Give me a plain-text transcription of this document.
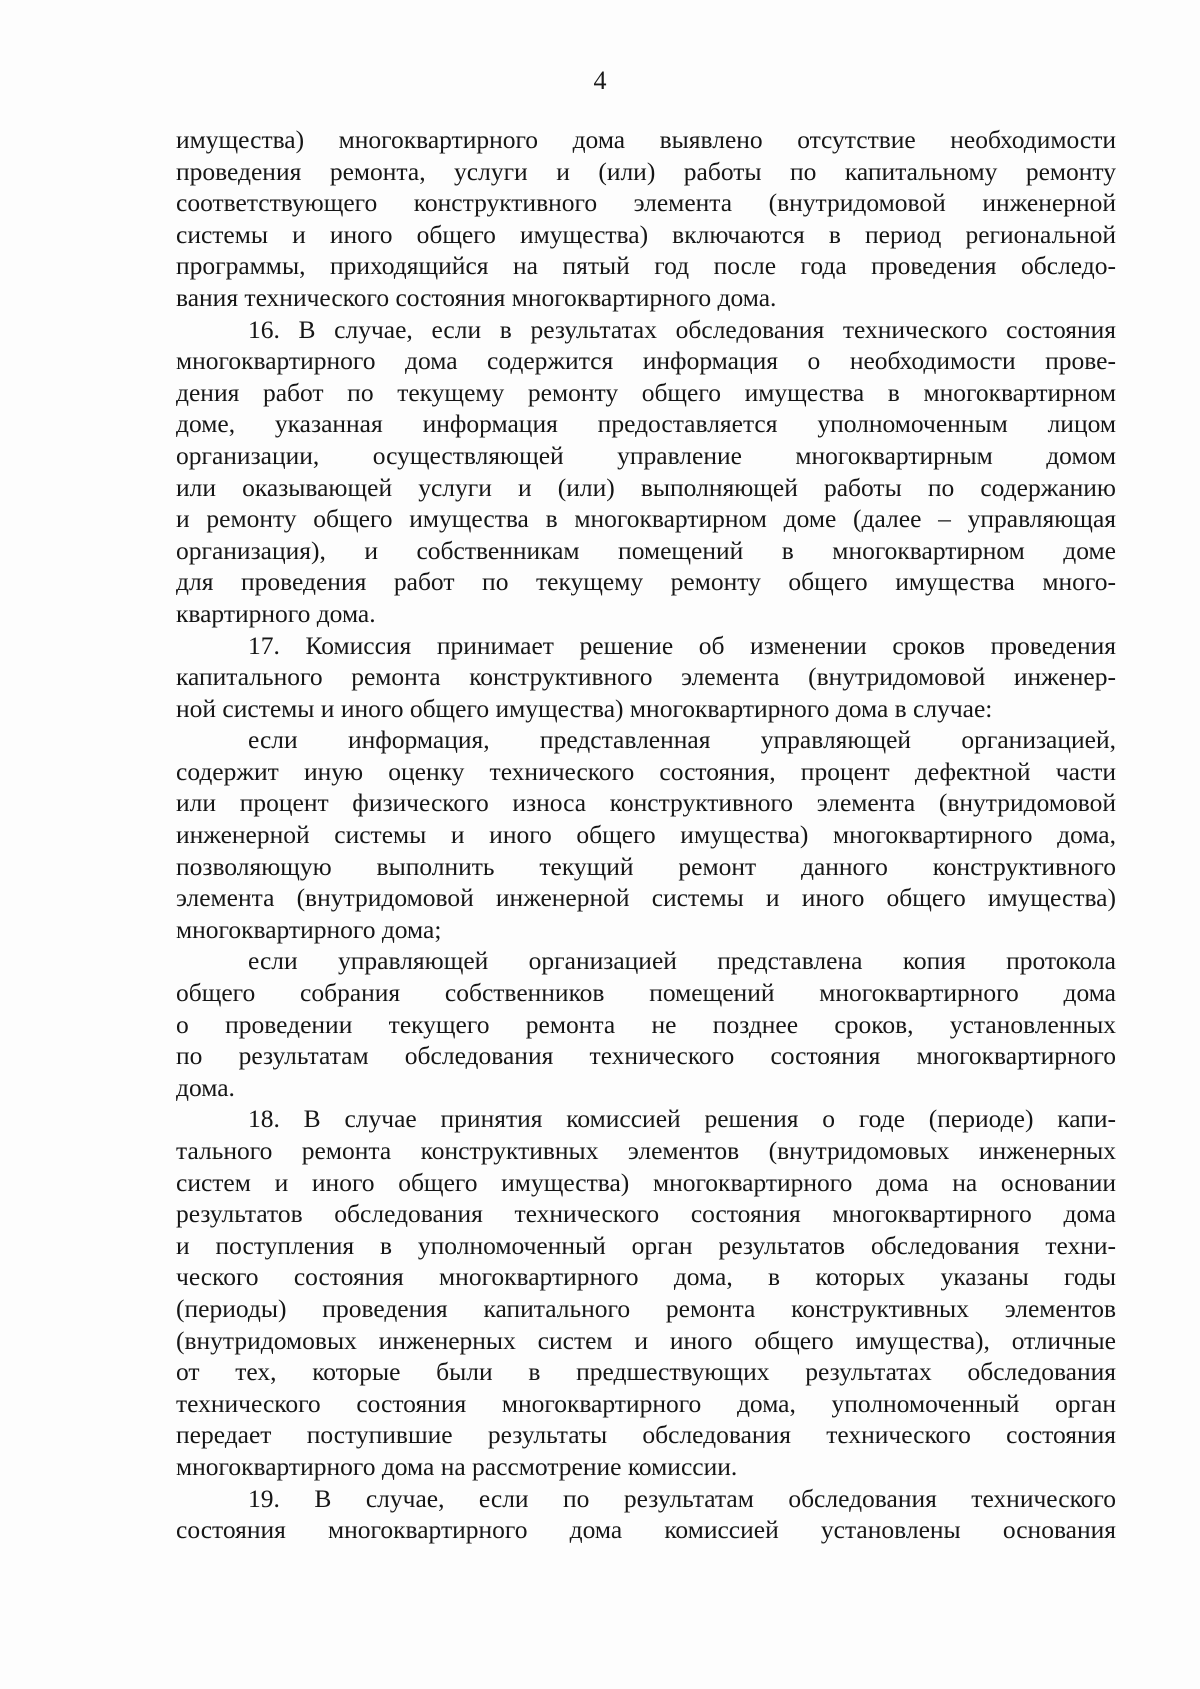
4
имущества) многоквартирного дома выявлено отсутствие необходимости
проведения ремонта, услуги и (или) работы по капитальному ремонту
соответствующего конструктивного элемента (внутридомовой инженерной
системы и иного общего имущества) включаются в период региональной
программы, приходящийся на пятый год после года проведения обследо-
вания технического состояния многоквартирного дома.
16. В случае, если в результатах обследования технического состояния
многоквартирного дома содержится информация о необходимости прове-
дения работ по текущему ремонту общего имущества в многоквартирном
доме, указанная информация предоставляется уполномоченным лицом
организации, осуществляющей управление многоквартирным домом
или оказывающей услуги и (или) выполняющей работы по содержанию
и ремонту общего имущества в многоквартирном доме (далее – управляющая
организация), и собственникам помещений в многоквартирном доме
для проведения работ по текущему ремонту общего имущества много-
квартирного дома.
17. Комиссия принимает решение об изменении сроков проведения
капитального ремонта конструктивного элемента (внутридомовой инженер-
ной системы и иного общего имущества) многоквартирного дома в случае:
если информация, представленная управляющей организацией,
содержит иную оценку технического состояния, процент дефектной части
или процент физического износа конструктивного элемента (внутридомовой
инженерной системы и иного общего имущества) многоквартирного дома,
позволяющую выполнить текущий ремонт данного конструктивного
элемента (внутридомовой инженерной системы и иного общего имущества)
многоквартирного дома;
если управляющей организацией представлена копия протокола
общего собрания собственников помещений многоквартирного дома
о проведении текущего ремонта не позднее сроков, установленных
по результатам обследования технического состояния многоквартирного
дома.
18. В случае принятия комиссией решения о годе (периоде) капи-
тального ремонта конструктивных элементов (внутридомовых инженерных
систем и иного общего имущества) многоквартирного дома на основании
результатов обследования технического состояния многоквартирного дома
и поступления в уполномоченный орган результатов обследования техни-
ческого состояния многоквартирного дома, в которых указаны годы
(периоды) проведения капитального ремонта конструктивных элементов
(внутридомовых инженерных систем и иного общего имущества), отличные
от тех, которые были в предшествующих результатах обследования
технического состояния многоквартирного дома, уполномоченный орган
передает поступившие результаты обследования технического состояния
многоквартирного дома на рассмотрение комиссии.
19. В случае, если по результатам обследования технического
состояния многоквартирного дома комиссией установлены основания
